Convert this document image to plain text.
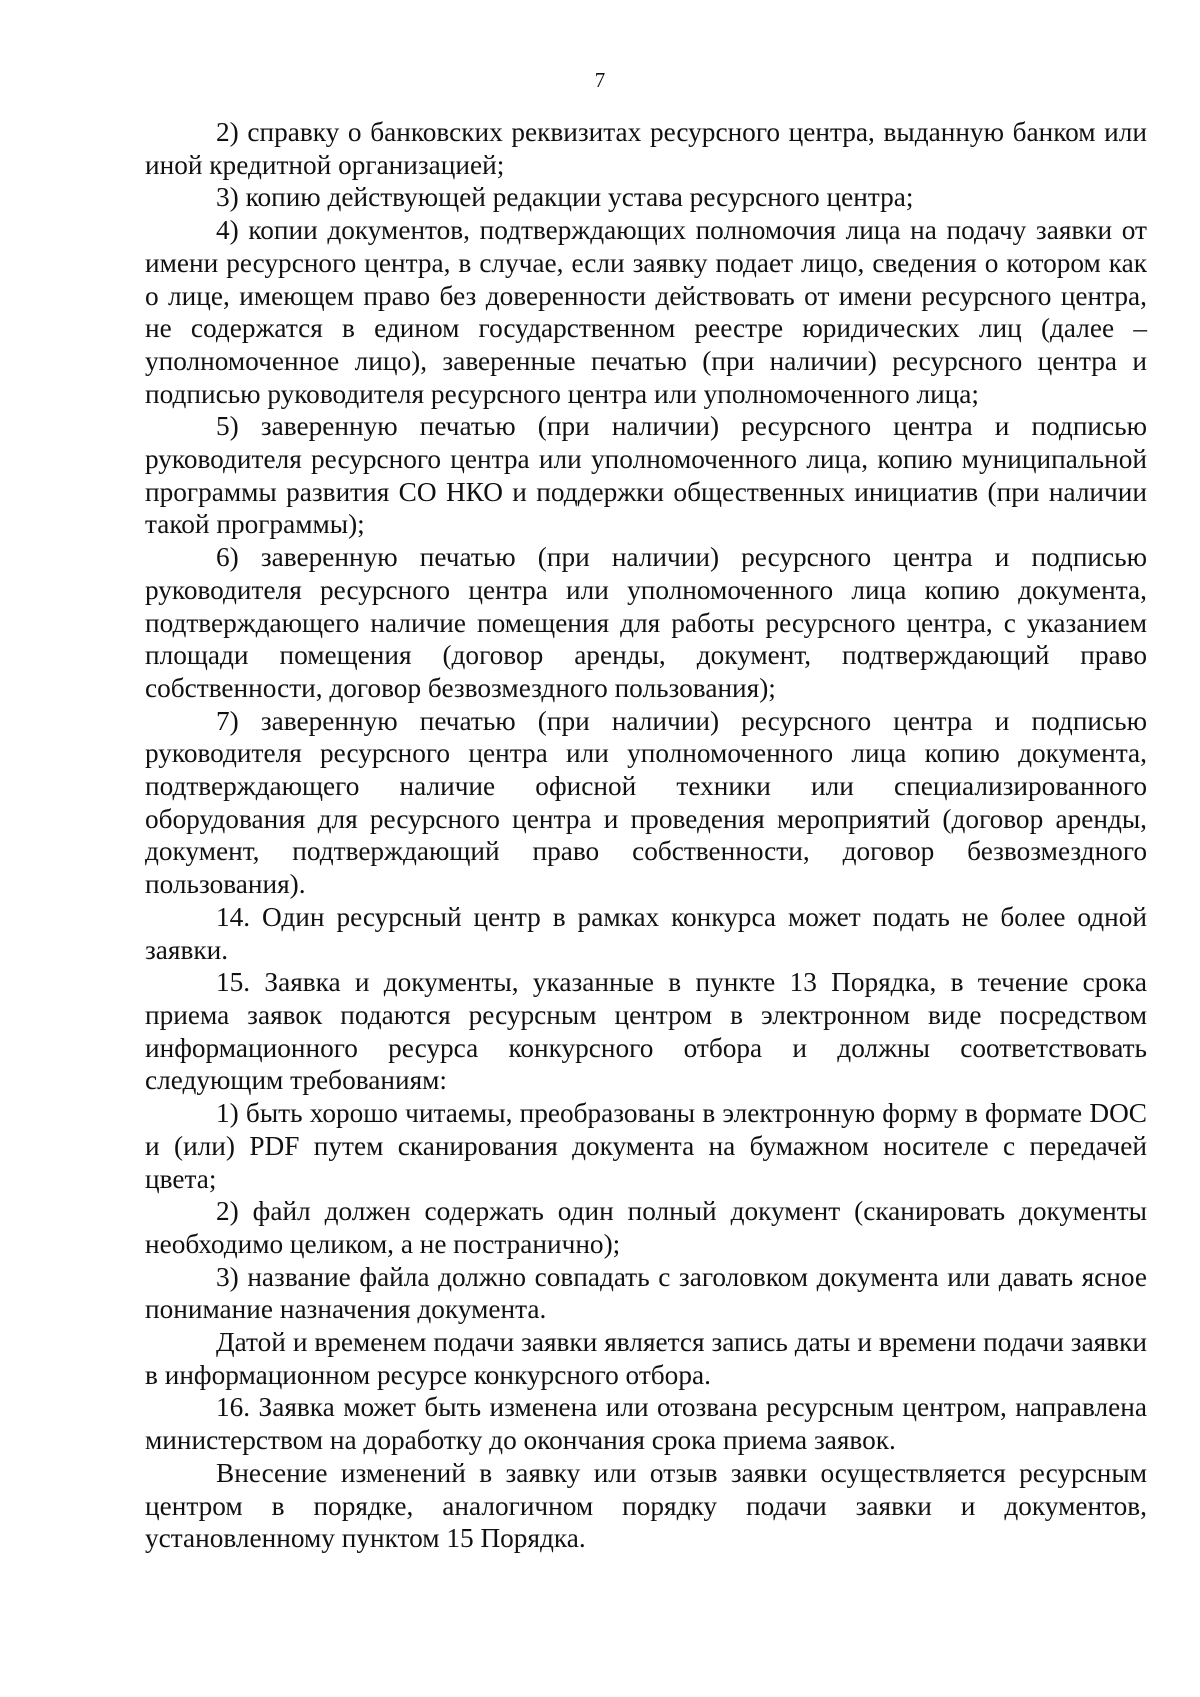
7

2) справку о банковских реквизитах ресурсного центра, выданную банком или иной кредитной организацией;

3) копию действующей редакции устава ресурсного центра;

4) копии документов, подтверждающих полномочия лица на подачу заявки от имени ресурсного центра, в случае, если заявку подает лицо, сведения о котором как о лице, имеющем право без доверенности действовать от имени ресурсного центра, не содержатся в едином государственном реестре юридических лиц (далее – уполномоченное лицо), заверенные печатью (при наличии) ресурсного центра и подписью руководителя ресурсного центра или уполномоченного лица;

5) заверенную печатью (при наличии) ресурсного центра и подписью руководителя ресурсного центра или уполномоченного лица, копию муниципальной программы развития СО НКО и поддержки общественных инициатив (при наличии такой программы);

6) заверенную печатью (при наличии) ресурсного центра и подписью руководителя ресурсного центра или уполномоченного лица копию документа, подтверждающего наличие помещения для работы ресурсного центра, с указанием площади помещения (договор аренды, документ, подтверждающий право собственности, договор безвозмездного пользования);

7) заверенную печатью (при наличии) ресурсного центра и подписью руководителя ресурсного центра или уполномоченного лица копию документа, подтверждающего наличие офисной техники или специализированного оборудования для ресурсного центра и проведения мероприятий (договор аренды, документ, подтверждающий право собственности, договор безвозмездного пользования).

14. Один ресурсный центр в рамках конкурса может подать не более одной заявки.

15. Заявка и документы, указанные в пункте 13 Порядка, в течение срока приема заявок подаются ресурсным центром в электронном виде посредством информационного ресурса конкурсного отбора и должны соответствовать следующим требованиям:

1) быть хорошо читаемы, преобразованы в электронную форму в формате DOC и (или) PDF путем сканирования документа на бумажном носителе с передачей цвета;

2) файл должен содержать один полный документ (сканировать документы необходимо целиком, а не постранично);

3) название файла должно совпадать с заголовком документа или давать ясное понимание назначения документа.

Датой и временем подачи заявки является запись даты и времени подачи заявки в информационном ресурсе конкурсного отбора.

16. Заявка может быть изменена или отозвана ресурсным центром, направлена министерством на доработку до окончания срока приема заявок.

Внесение изменений в заявку или отзыв заявки осуществляется ресурсным центром в порядке, аналогичном порядку подачи заявки и документов, установленному пунктом 15 Порядка.
